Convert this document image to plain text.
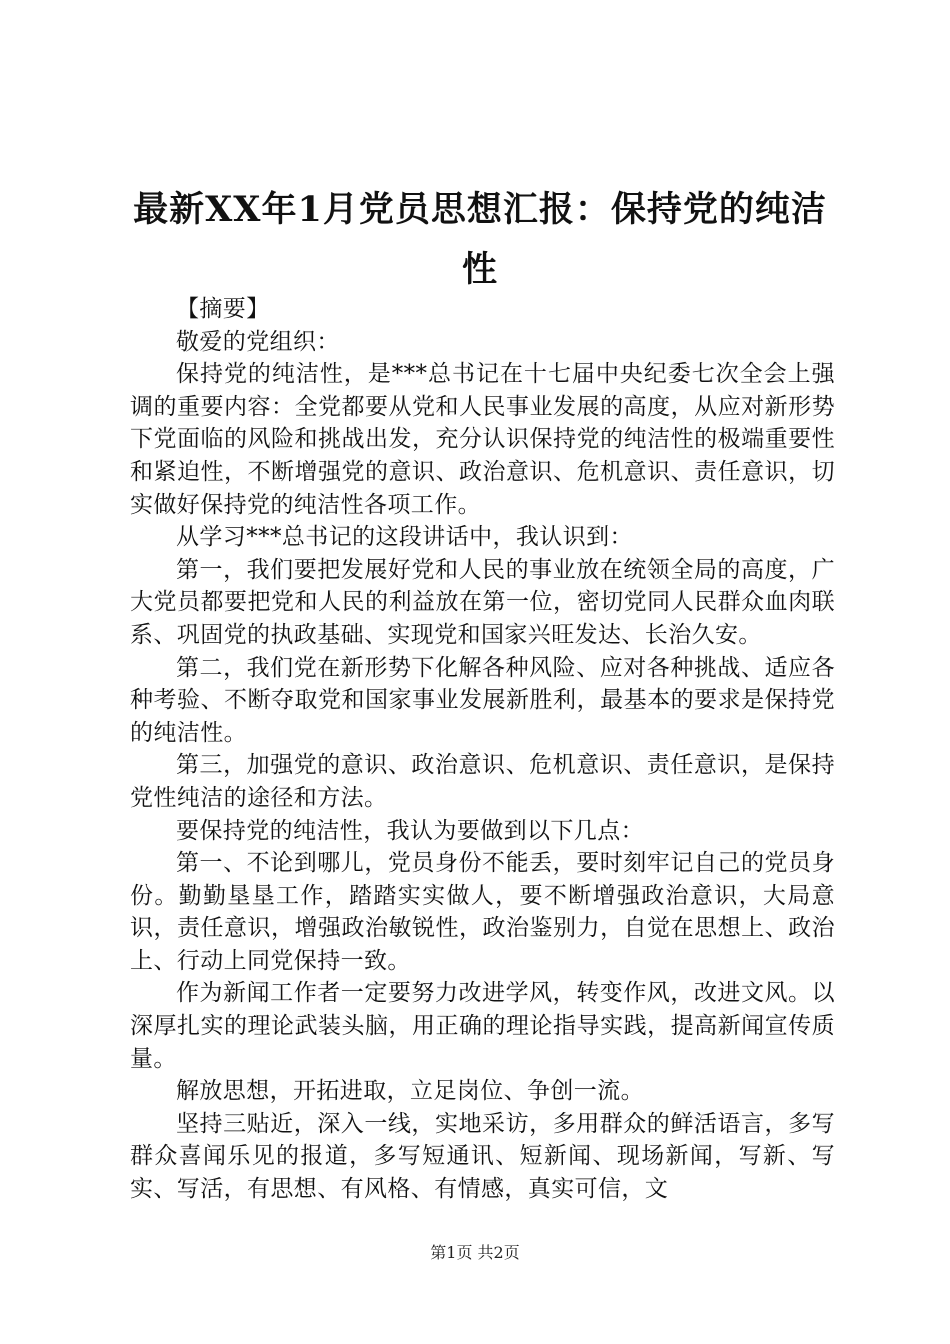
最新XX年1月党员思想汇报：保持党的纯洁性

【摘要】

敬爱的党组织：

保持党的纯洁性，是***总书记在十七届中央纪委七次全会上强调的重要内容：全党都要从党和人民事业发展的高度，从应对新形势下党面临的风险和挑战出发，充分认识保持党的纯洁性的极端重要性和紧迫性，不断增强党的意识、政治意识、危机意识、责任意识，切实做好保持党的纯洁性各项工作。

从学习***总书记的这段讲话中，我认识到：

第一，我们要把发展好党和人民的事业放在统领全局的高度，广大党员都要把党和人民的利益放在第一位，密切党同人民群众血肉联系、巩固党的执政基础、实现党和国家兴旺发达、长治久安。

第二，我们党在新形势下化解各种风险、应对各种挑战、适应各种考验、不断夺取党和国家事业发展新胜利，最基本的要求是保持党的纯洁性。

第三，加强党的意识、政治意识、危机意识、责任意识，是保持党性纯洁的途径和方法。

要保持党的纯洁性，我认为要做到以下几点：

第一、不论到哪儿，党员身份不能丢，要时刻牢记自己的党员身份。勤勤垦垦工作，踏踏实实做人，要不断增强政治意识，大局意识，责任意识，增强政治敏锐性，政治鉴别力，自觉在思想上、政治上、行动上同党保持一致。

作为新闻工作者一定要努力改进学风，转变作风，改进文风。以深厚扎实的理论武装头脑，用正确的理论指导实践，提高新闻宣传质量。

解放思想，开拓进取，立足岗位、争创一流。

坚持三贴近，深入一线，实地采访，多用群众的鲜活语言，多写群众喜闻乐见的报道，多写短通讯、短新闻、现场新闻，写新、写实、写活，有思想、有风格、有情感，真实可信，文

第1页 共2页
